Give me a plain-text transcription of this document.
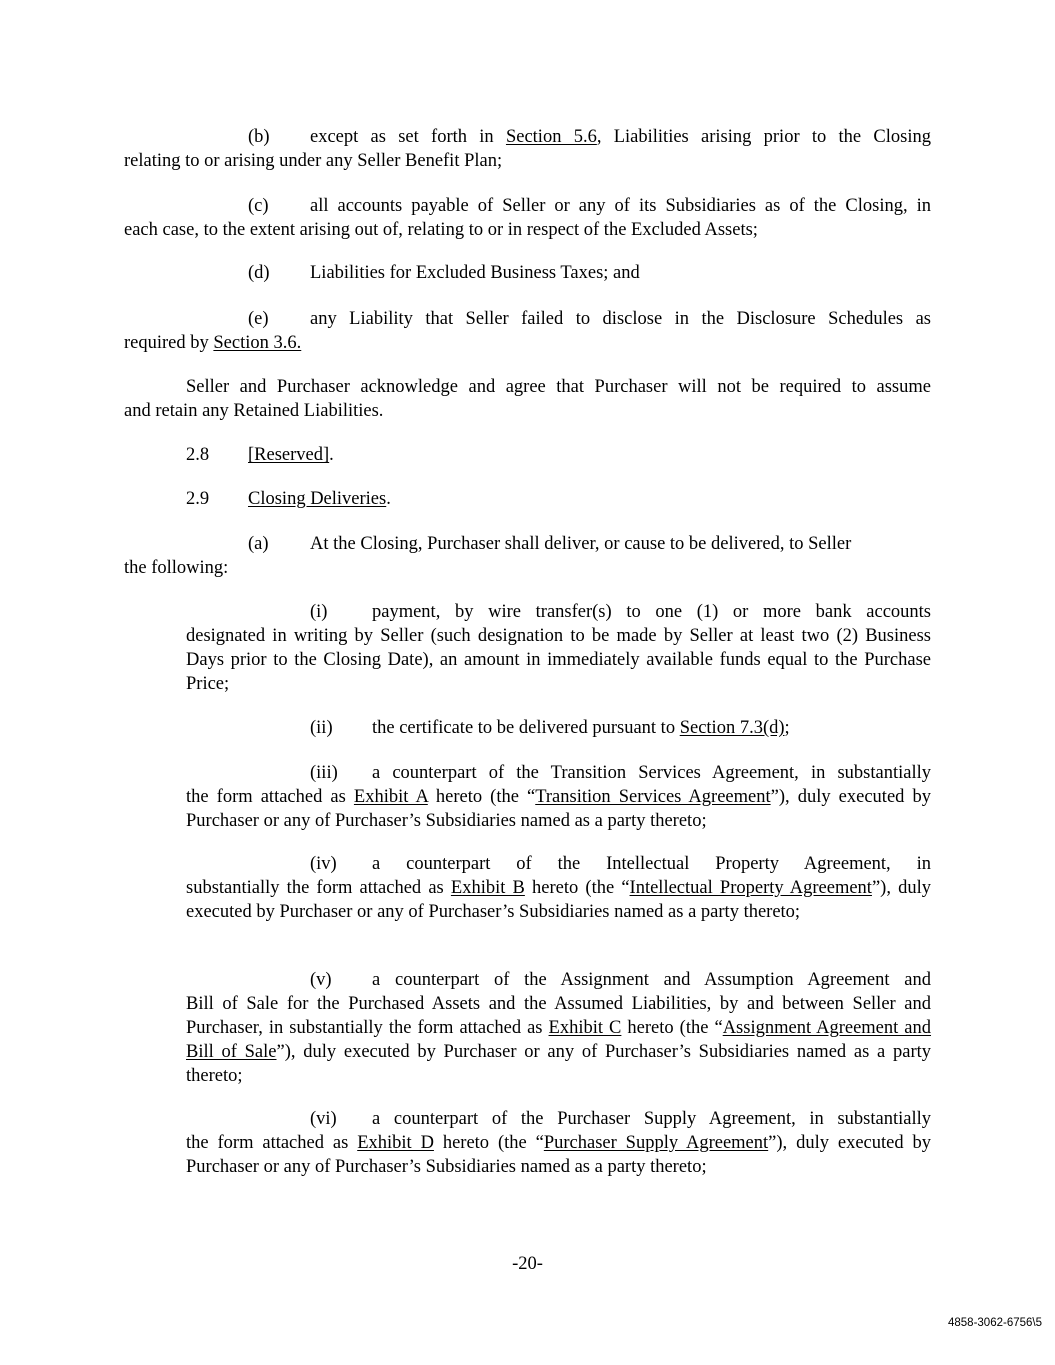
(b) except as set forth in Section 5.6, Liabilities arising prior to the Closing
relating to or arising under any Seller Benefit Plan;
(c) all accounts payable of Seller or any of its Subsidiaries as of the Closing, in
each case, to the extent arising out of, relating to or in respect of the Excluded Assets;
(d) Liabilities for Excluded Business Taxes; and
(e) any Liability that Seller failed to disclose in the Disclosure Schedules as
required by Section 3.6.
Seller and Purchaser acknowledge and agree that Purchaser will not be required to assume
and retain any Retained Liabilities.
2.8 [Reserved].
2.9 Closing Deliveries.
(a) At the Closing, Purchaser shall deliver, or cause to be delivered, to Seller
the following:
(i) payment, by wire transfer(s) to one (1) or more bank accounts
designated in writing by Seller (such designation to be made by Seller at least two (2) Business Days prior to the Closing Date), an amount in immediately available funds equal to the Purchase Price;
(ii) the certificate to be delivered pursuant to Section 7.3(d);
(iii) a counterpart of the Transition Services Agreement, in substantially
the form attached as Exhibit A hereto (the “Transition Services Agreement”), duly executed by Purchaser or any of Purchaser’s Subsidiaries named as a party thereto;
(iv) a counterpart of the Intellectual Property Agreement, in
substantially the form attached as Exhibit B hereto (the “Intellectual Property Agreement”), duly executed by Purchaser or any of Purchaser’s Subsidiaries named as a party thereto;
(v) a counterpart of the Assignment and Assumption Agreement and
Bill of Sale for the Purchased Assets and the Assumed Liabilities, by and between Seller and Purchaser, in substantially the form attached as Exhibit C hereto (the “Assignment Agreement and Bill of Sale”), duly executed by Purchaser or any of Purchaser’s Subsidiaries named as a party thereto;
(vi) a counterpart of the Purchaser Supply Agreement, in substantially
the form attached as Exhibit D hereto (the “Purchaser Supply Agreement”), duly executed by Purchaser or any of Purchaser’s Subsidiaries named as a party thereto;
-20-
4858-3062-6756\5
